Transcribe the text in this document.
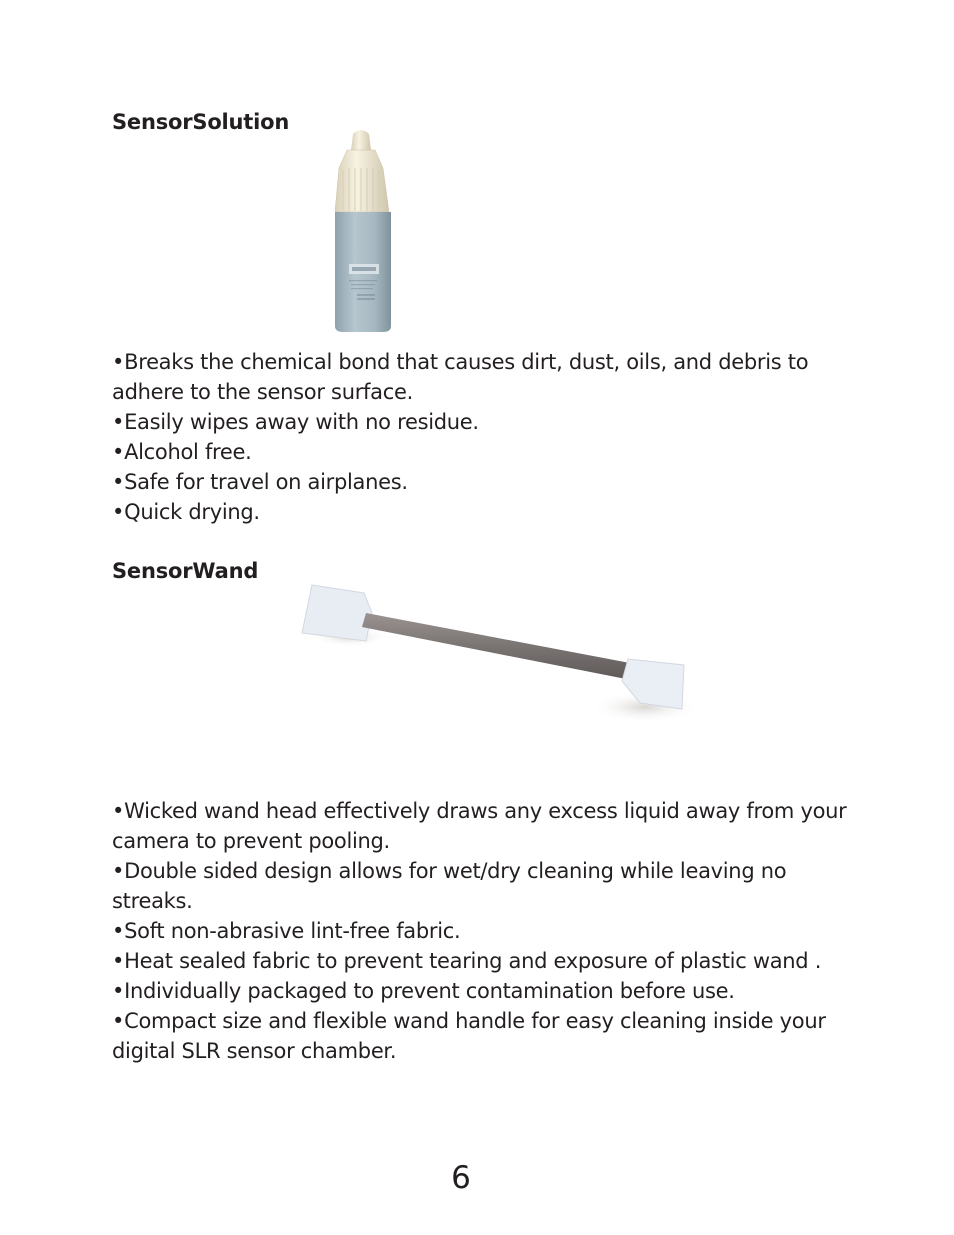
SensorSolution
•Breaks the chemical bond that causes dirt, dust, oils, and debris to adhere to the sensor surface.
•Easily wipes away with no residue.
•Alcohol free.
•Safe for travel on airplanes.
•Quick drying.
SensorWand
•Wicked wand head effectively draws any excess liquid away from your camera to prevent pooling.
•Double sided design allows for wet/dry cleaning while leaving no streaks.
•Soft non-abrasive lint-free fabric.
•Heat sealed fabric to prevent tearing and exposure of plastic wand .
•Individually packaged to prevent contamination before use.
•Compact size and flexible wand handle for easy cleaning inside your digital SLR sensor chamber.
6
